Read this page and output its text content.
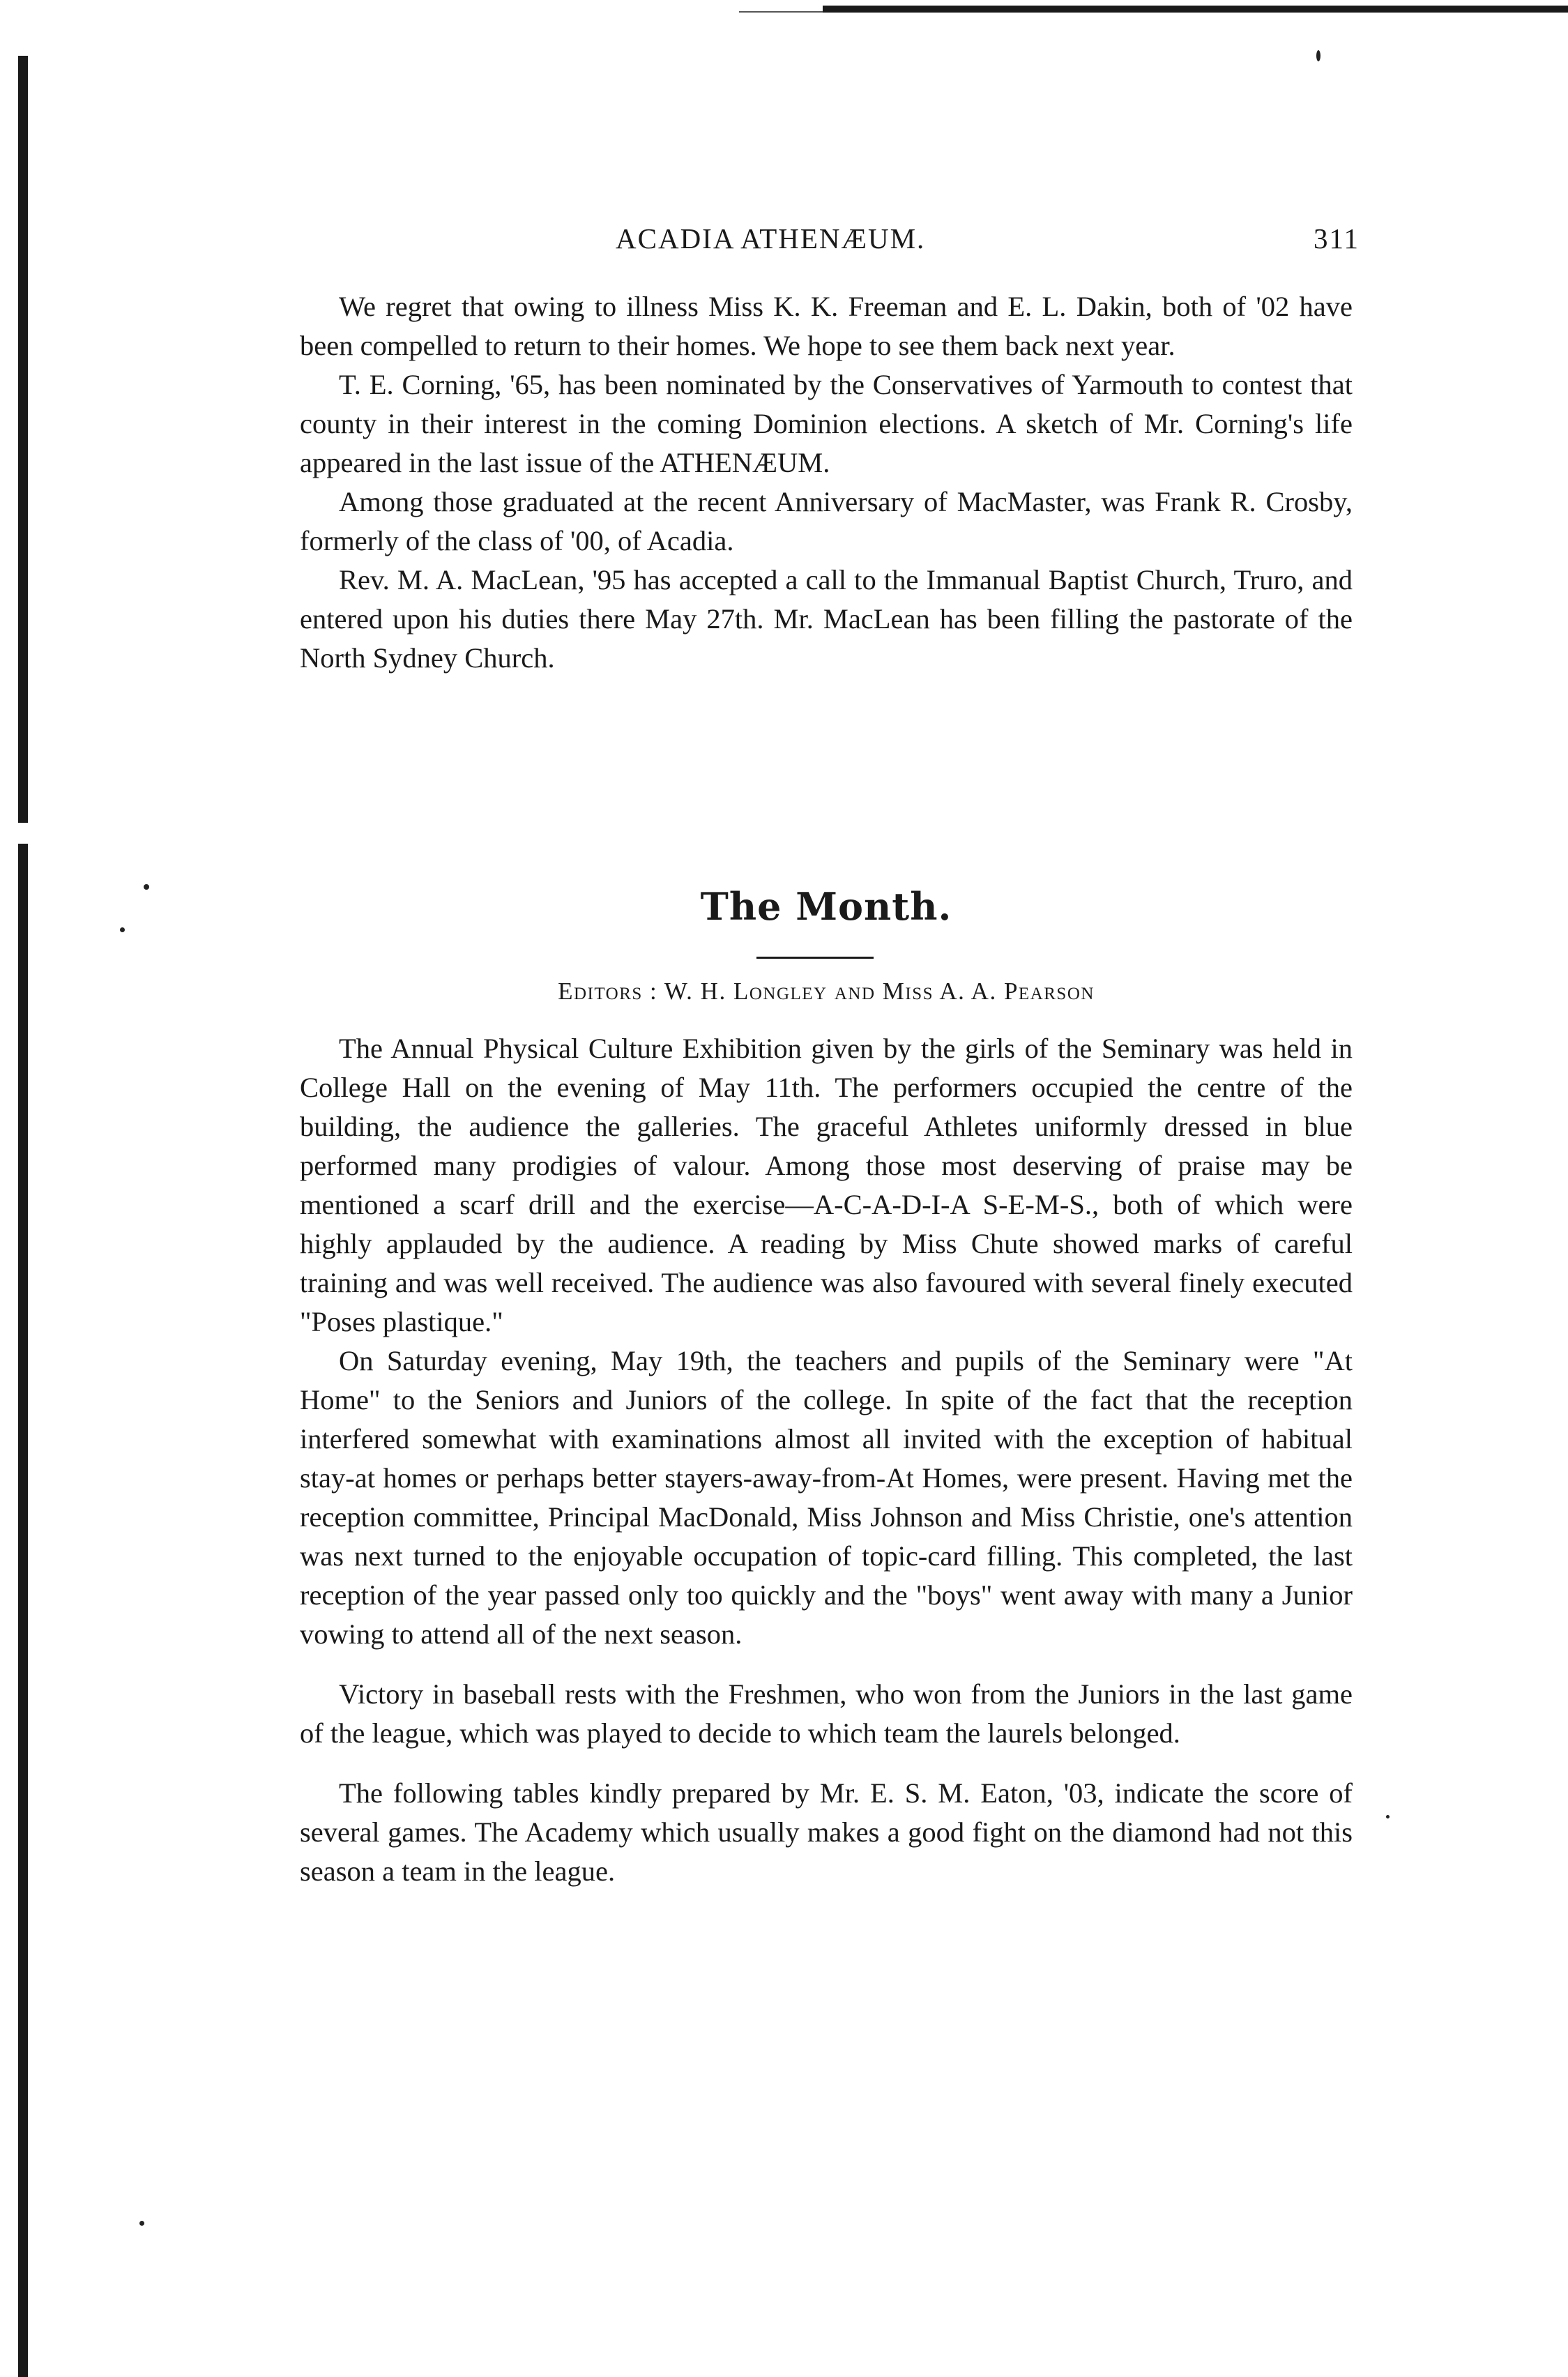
ACADIA ATHENÆUM.	311

We regret that owing to illness Miss K. K. Freeman and E. L. Dakin, both of '02 have been compelled to return to their homes. We hope to see them back next year.

T. E. Corning, '65, has been nominated by the Conservatives of Yarmouth to contest that county in their interest in the coming Dominion elections. A sketch of Mr. Corning's life appeared in the last issue of the ATHENÆUM.

Among those graduated at the recent Anniversary of MacMaster, was Frank R. Crosby, formerly of the class of '00, of Acadia.

Rev. M. A. MacLean, '95 has accepted a call to the Immanual Baptist Church, Truro, and entered upon his duties there May 27th. Mr. MacLean has been filling the pastorate of the North Sydney Church.

The Month.
Editors : W. H. Longley and Miss A. A. Pearson

The Annual Physical Culture Exhibition given by the girls of the Seminary was held in College Hall on the evening of May 11th. The performers occupied the centre of the building, the audience the galleries. The graceful Athletes uniformly dressed in blue performed many prodigies of valour. Among those most deserving of praise may be mentioned a scarf drill and the exercise—A-C-A-D-I-A S-E-M-S., both of which were highly applauded by the audience. A reading by Miss Chute showed marks of careful training and was well received. The audience was also favoured with several finely executed "Poses plastique."

On Saturday evening, May 19th, the teachers and pupils of the Seminary were "At Home" to the Seniors and Juniors of the college. In spite of the fact that the reception interfered somewhat with examinations almost all invited with the exception of habitual stay-at homes or perhaps better stayers-away-from-At Homes, were present. Having met the reception committee, Principal MacDonald, Miss Johnson and Miss Christie, one's attention was next turned to the enjoyable occupation of topic-card filling. This completed, the last reception of the year passed only too quickly and the "boys" went away with many a Junior vowing to attend all of the next season.

Victory in baseball rests with the Freshmen, who won from the Juniors in the last game of the league, which was played to decide to which team the laurels belonged.

The following tables kindly prepared by Mr. E. S. M. Eaton, '03, indicate the score of several games. The Academy which usually makes a good fight on the diamond had not this season a team in the league.
